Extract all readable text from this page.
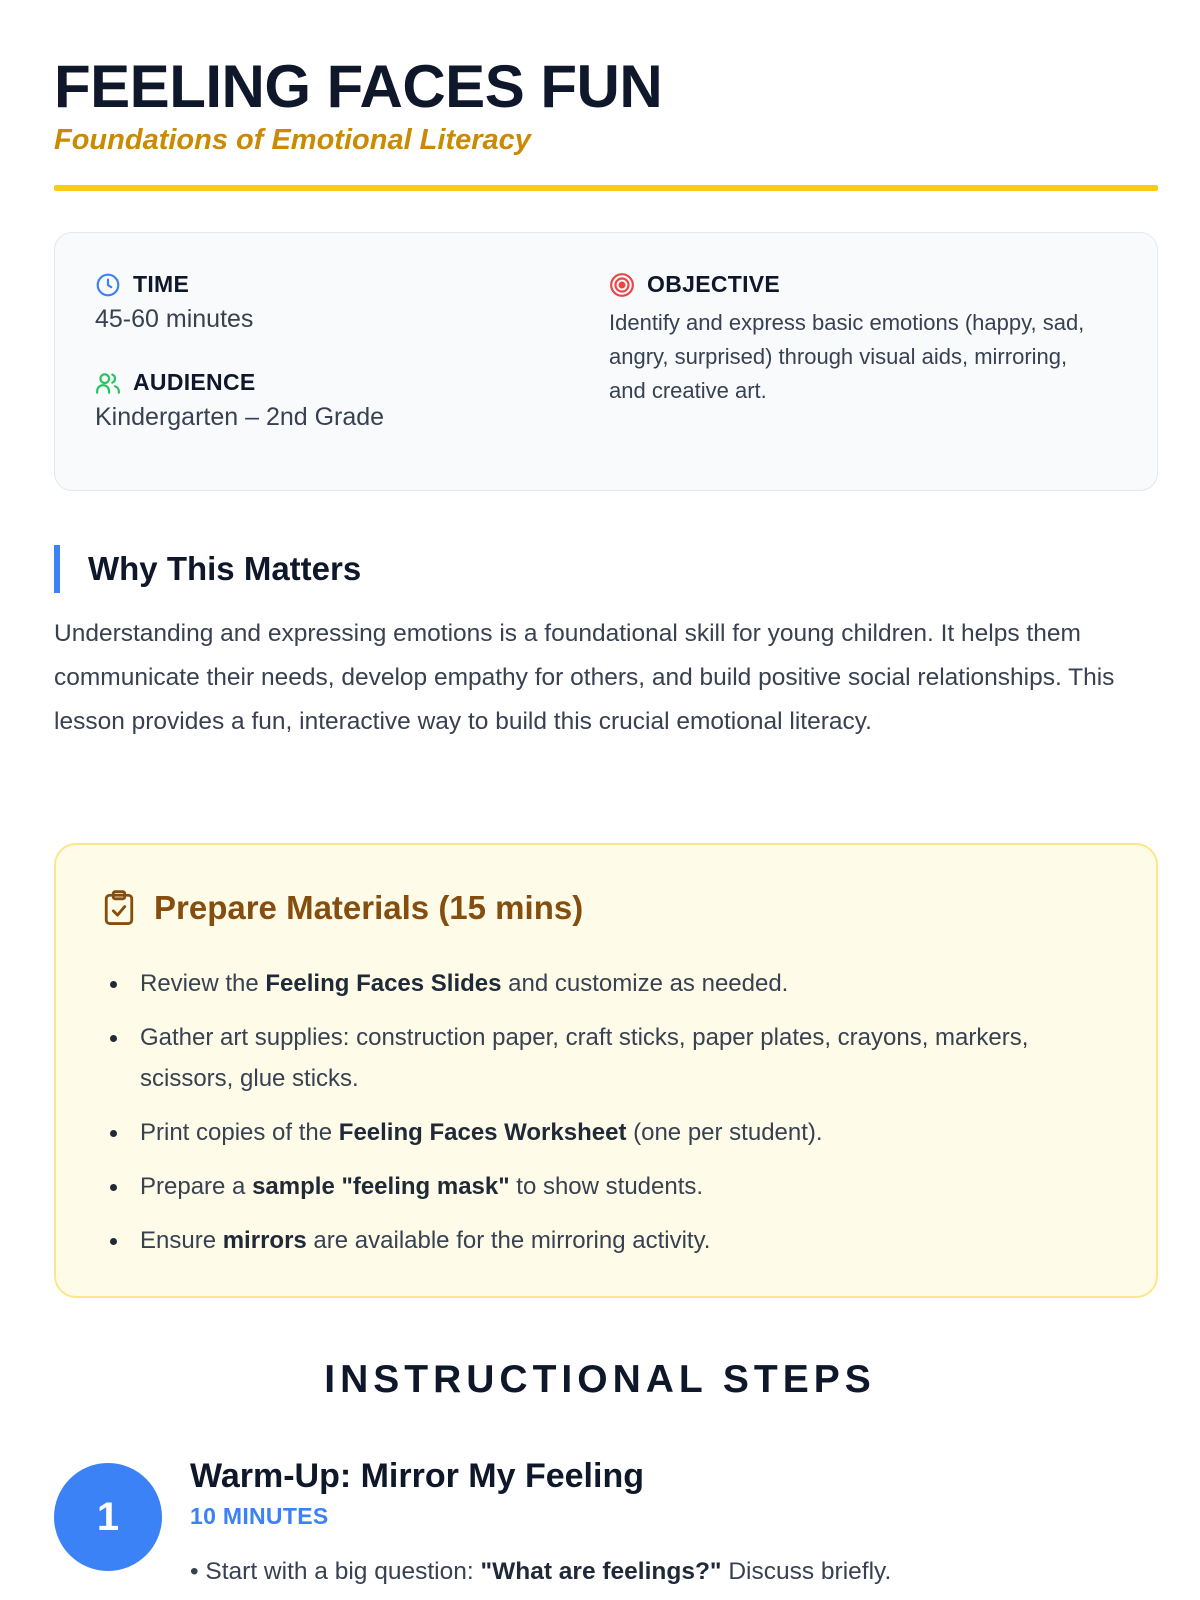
FEELING FACES FUN
Foundations of Emotional Literacy
TIME
45-60 minutes
AUDIENCE
Kindergarten – 2nd Grade
OBJECTIVE
Identify and express basic emotions (happy, sad, angry, surprised) through visual aids, mirroring, and creative art.
Why This Matters

Understanding and expressing emotions is a foundational skill for young children. It helps them communicate their needs, develop empathy for others, and build positive social relationships. This lesson provides a fun, interactive way to build this crucial emotional literacy.

Prepare Materials (15 mins)
Review the Feeling Faces Slides and customize as needed.
Gather art supplies: construction paper, craft sticks, paper plates, crayons, markers, scissors, glue sticks.
Print copies of the Feeling Faces Worksheet (one per student).
Prepare a sample "feeling mask" to show students.
Ensure mirrors are available for the mirroring activity.
INSTRUCTIONAL STEPS
1
Warm-Up: Mirror My Feeling
10 MINUTES
• Start with a big question: "What are feelings?" Discuss briefly.
